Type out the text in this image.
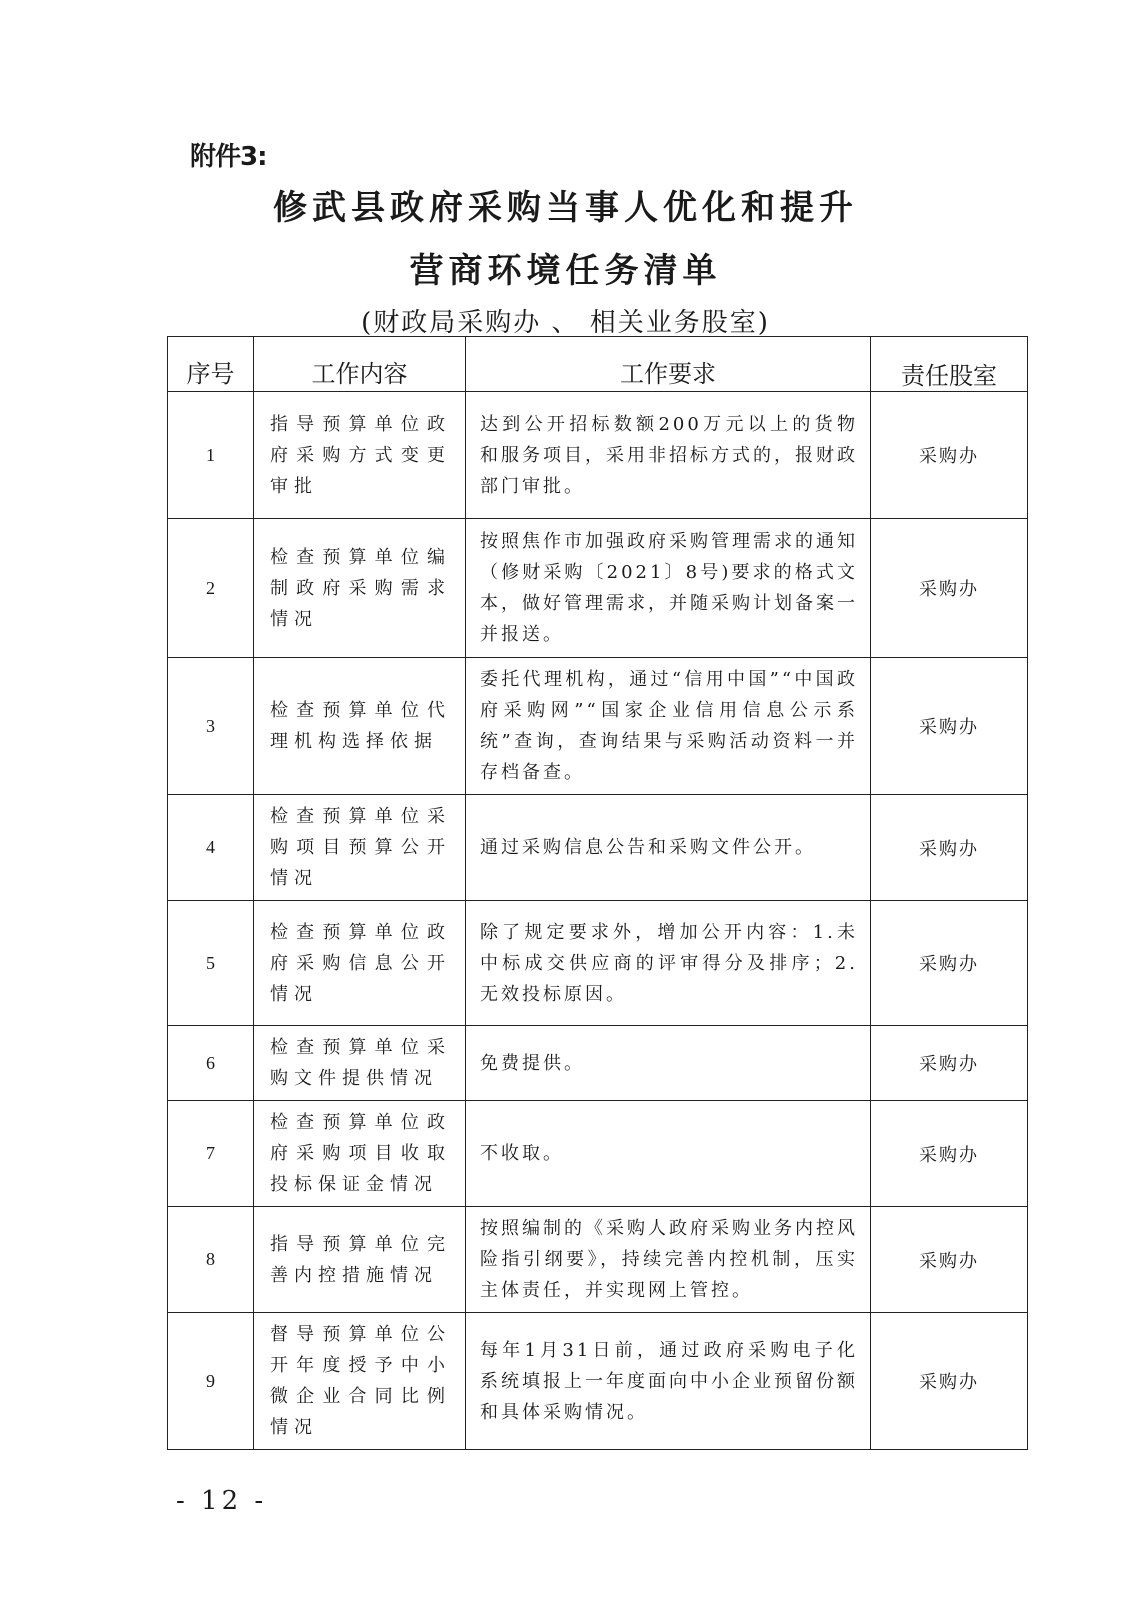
附件3:
修武县政府采购当事人优化和提升
营商环境任务清单
(财政局采购办 、 相关业务股室)
序号	工作内容	工作要求	责任股室
1	指导预算单位政府采购方式变更审批	达到公开招标数额200万元以上的货物和服务项目，采用非招标方式的，报财政部门审批。	采购办
2	检查预算单位编制政府采购需求情况	按照焦作市加强政府采购管理需求的通知（修财采购〔2021〕8号)要求的格式文本，做好管理需求，并随采购计划备案一并报送。	采购办
3	检查预算单位代理机构选择依据	委托代理机构，通过“信用中国”“中国政府采购网”“国家企业信用信息公示系统”查询，查询结果与采购活动资料一并存档备查。	采购办
4	检查预算单位采购项目预算公开情况	通过采购信息公告和采购文件公开。	采购办
5	检查预算单位政府采购信息公开情况	除了规定要求外，增加公开内容：1.未中标成交供应商的评审得分及排序；2.无效投标原因。	采购办
6	检查预算单位采购文件提供情况	免费提供。	采购办
7	检查预算单位政府采购项目收取投标保证金情况	不收取。	采购办
8	指导预算单位完善内控措施情况	按照编制的《采购人政府采购业务内控风险指引纲要》，持续完善内控机制，压实主体责任，并实现网上管控。	采购办
9	督导预算单位公开年度授予中小微企业合同比例情况	每年1月31日前，通过政府采购电子化系统填报上一年度面向中小企业预留份额和具体采购情况。	采购办
- 12 -
